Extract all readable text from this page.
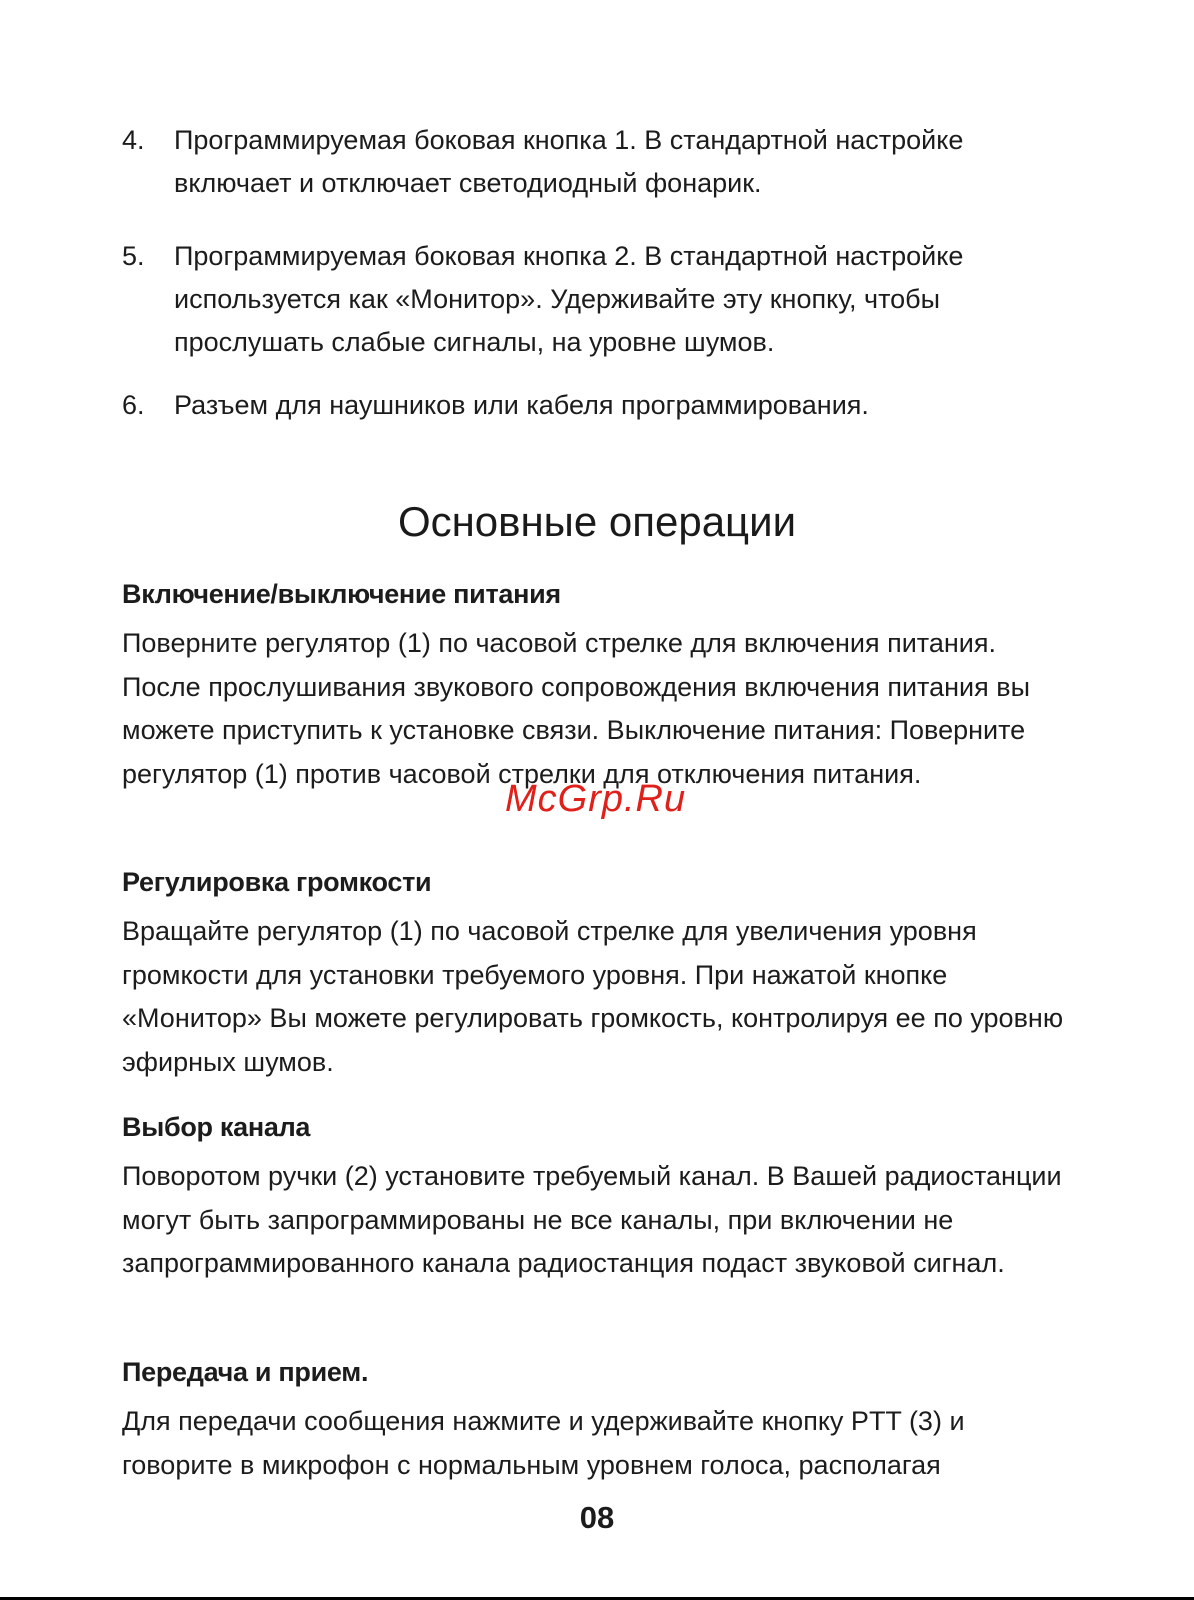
4.	Программируемая боковая кнопка 1. В стандартной настройке включает и отключает светодиодный фонарик.
5.	Программируемая боковая кнопка 2. В стандартной настройке используется как «Монитор». Удерживайте эту кнопку, чтобы прослушать слабые сигналы, на уровне шумов.
6.	Разъем для наушников или кабеля программирования.
Основные операции
Включение/выключение питания
Поверните регулятор (1) по часовой стрелке для включения питания. После прослушивания звукового сопровождения включения питания вы можете приступить к установке связи. Выключение питания: Поверните регулятор (1) против часовой стрелки для отключения питания.
Регулировка громкости
Вращайте регулятор (1) по часовой стрелке для увеличения уровня громкости для установки требуемого уровня. При нажатой кнопке «Монитор» Вы можете регулировать громкость, контролируя ее по уровню эфирных шумов.
Выбор канала
Поворотом ручки (2) установите требуемый канал. В Вашей радиостанции могут быть запрограммированы не все каналы, при включении не запрограммированного канала радиостанция подаст звуковой сигнал.
Передача и прием.
Для передачи сообщения нажмите и удерживайте кнопку PTT (3) и говорите в микрофон с нормальным уровнем голоса, располагая
McGrp.Ru
08
